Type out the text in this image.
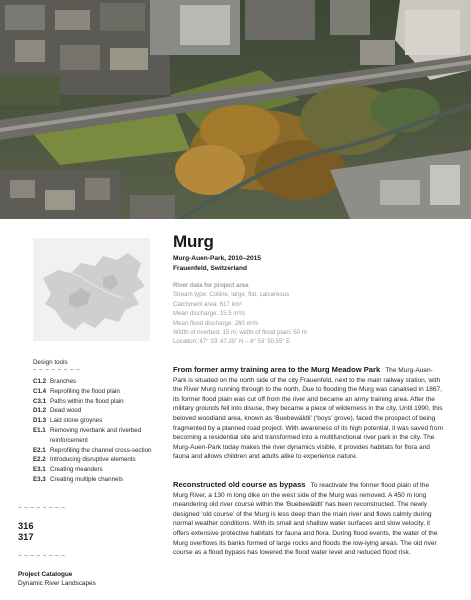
Murg
Murg-Auen-Park, 2010–2015
Frauenfeld, Switzerland
River data for project area
Stream type: Colline, large, flat, calcareous
Catchment area: 617 km²
Mean discharge: 15.5 m³/s
Mean flood discharge: 260 m³/s
Width of riverbed: 15 m; width of flood plain: 50 m
Location: 47° 33’ 47.35” N – 8° 53’ 50.55” E
Design tools
– – – – – – – –
C1.2 Branches
C1.4 Reprofiling the flood plain
C3.1 Paths within the flood plain
D1.2 Dead wood
D1.3 Laid stone groynes
E1.1 Removing riverbank and riverbed reinforcement
E2.1 Reprofiling the channel cross-section
E2.2 Introducing disruptive elements
E3.1 Creating meanders
E3.3 Creating multiple channels
– – – – – – – –
316
317
– – – – – – – –
Project Catalogue
Dynamic River Landscapes
From former army training area to the Murg Meadow Park The Murg-Auen-Park is situated on the north side of the city Frauenfeld, next to the main railway station, with the River Murg running through to the north. Due to flooding the Murg was canalised in 1867, its former flood plain was cut off from the river and became an army training area. After the military grounds fell into disuse, they became a piece of wilderness in the city. Until 1990, this beloved woodland area, known as ‘Buebewäldli’ (‘boys’ grove), faced the prospect of being fragmented by a planned road project. With awareness of its high potential, it was saved from becoming a residential site and transformed into a multifunctional river park in the city. The Murg-Auen-Park today makes the river dynamics visible, it provides habitats for flora and fauna and allows children and adults alike to experience nature.
Reconstructed old course as bypass To reactivate the former flood plain of the Murg River, a 130 m long dike on the west side of the Murg was removed. A 450 m long meandering old river course within the ‘Buebewäldli’ has been reconstructed. The newly designed ‘old course’ of the Murg is less deep than the main river and flows calmly during normal weather conditions. With its small and shallow water surfaces and slow velocity, it offers extensive protective habitats for fauna and flora. During flood events, the water of the Murg overflows its banks formed of large rocks and floods the low-lying areas. The old river course as a flood bypass has lowered the flood water level and reduced flood risk.
